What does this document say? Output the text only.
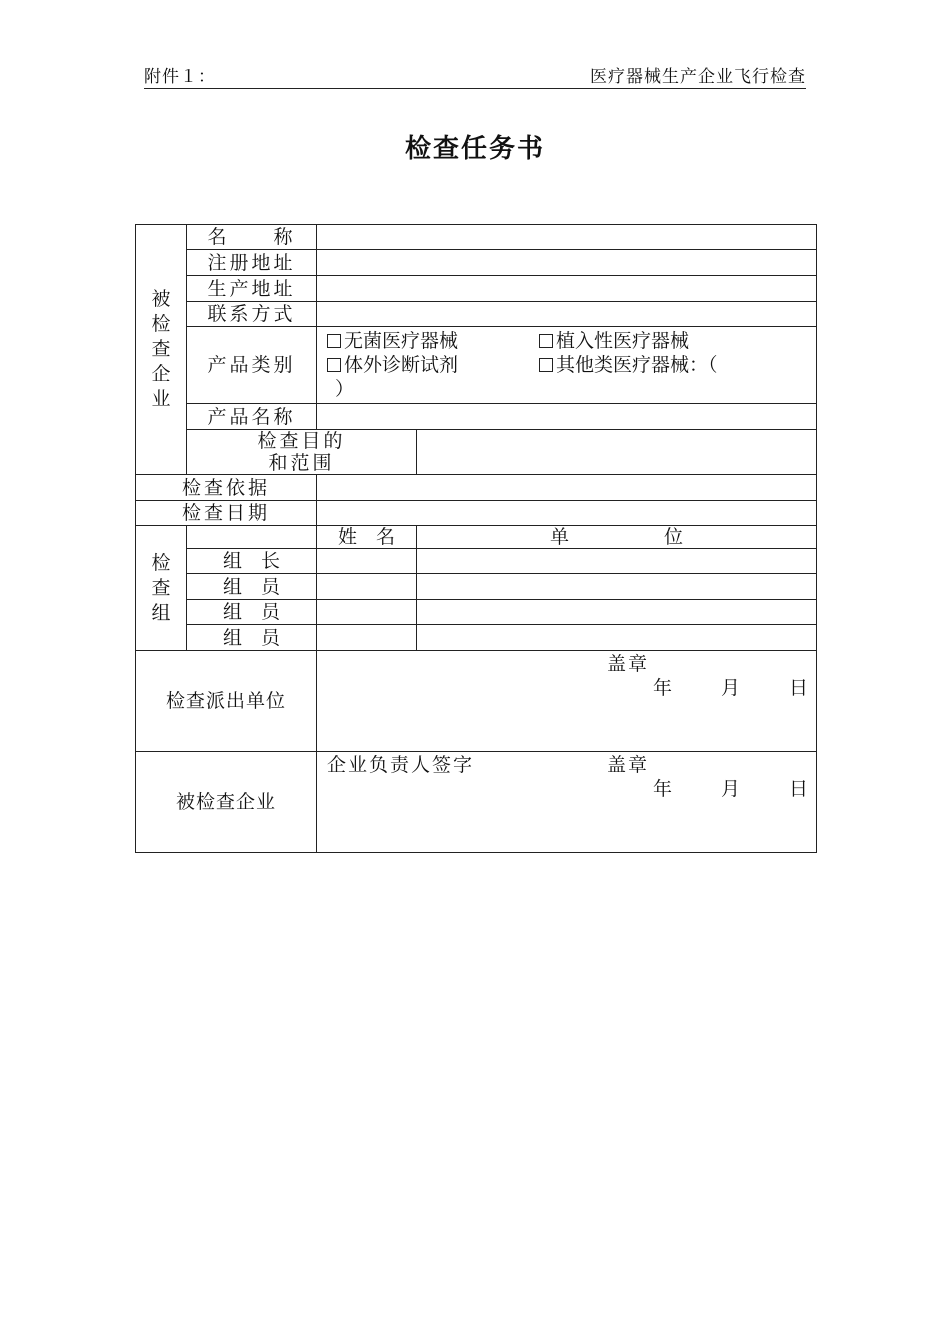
附件１：	医疗器械生产企业飞行检查
检查任务书
被
检
查
企
业	名　　称		
	注册地址		
	生产地址		
	联系方式		
	产品类别	无菌医疗器械 植入性医疗器械
体外诊断试剂 其他类医疗器械：（
）	

	产品名称		

	检查目的
和范围		

检查依据			
检查日期			

检
查
组		姓　名	单　　　　　位
	组　长		
	组　员		
	组　员		
	组　员		
检查派出单位		盖章
年 月 日	

被检查企业		企业负责人签字 盖章
年 月 日	
